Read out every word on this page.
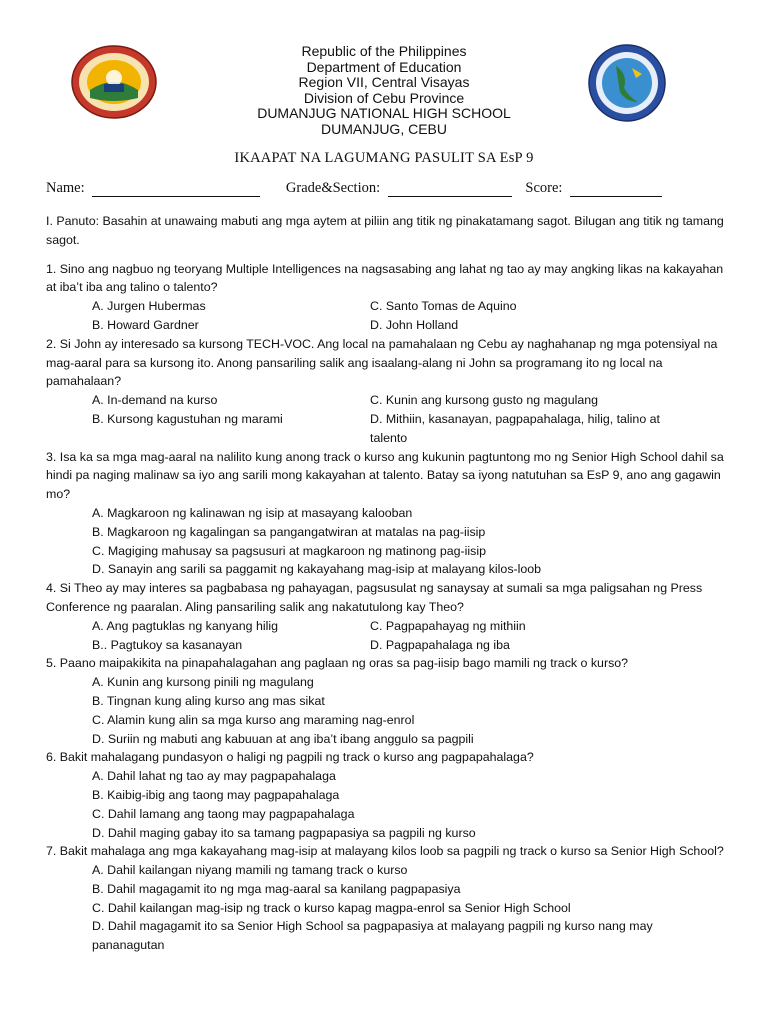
Republic of the Philippines
Department of Education
Region VII, Central Visayas
Division of Cebu Province
DUMANJUG NATIONAL HIGH SCHOOL
DUMANJUG, CEBU
IKAAPAT NA LAGUMANG PASULIT SA EsP 9
Name:	Grade&Section:	Score:

I. Panuto: Basahin at unawaing mabuti ang mga aytem at piliin ang titik ng pinakatamang sagot. Bilugan ang titik ng tamang sagot.

1. Sino ang nagbuo ng teoryang Multiple Intelligences na nagsasabing ang lahat ng tao ay may angking likas na kakayahan at iba’t iba ang talino o talento?

A. Jurgen Hubermas	C. Santo Tomas de Aquino
B. Howard Gardner	D. John Holland

2. Si John ay interesado sa kursong TECH-VOC. Ang local na pamahalaan ng Cebu ay naghahanap ng mga potensiyal na mag-aaral para sa kursong ito. Anong pansariling salik ang isaalang-alang ni John sa programang ito ng local na pamahalaan?

A. In-demand na kurso	C. Kunin ang kursong gusto ng magulang
B. Kursong kagustuhan ng marami	D. Mithiin, kasanayan, pagpapahalaga, hilig, talino at talento

3. Isa ka sa mga mag-aaral na nalilito kung anong track o kurso ang kukunin pagtuntong mo ng Senior High School dahil sa hindi pa naging malinaw sa iyo ang sarili mong kakayahan at talento. Batay sa iyong natutuhan sa EsP 9, ano ang gagawin mo?

A. Magkaroon ng kalinawan ng isip at masayang kalooban
B. Magkaroon ng kagalingan sa pangangatwiran at matalas na pag-iisip
C. Magiging mahusay sa pagsusuri at magkaroon ng matinong pag-iisip
D. Sanayin ang sarili sa paggamit ng kakayahang mag-isip at malayang kilos-loob

4. Si Theo ay may interes sa pagbabasa ng pahayagan, pagsusulat ng sanaysay at sumali sa mga paligsahan ng Press Conference ng paaralan. Aling pansariling salik ang nakatutulong kay Theo?

A. Ang pagtuklas ng kanyang hilig	C. Pagpapahayag ng mithiin
B.. Pagtukoy sa kasanayan	D. Pagpapahalaga ng iba

5. Paano maipakikita na pinapahalagahan ang paglaan ng oras sa pag-iisip bago mamili ng track o kurso?

A. Kunin ang kursong pinili ng magulang
B. Tingnan kung aling kurso ang mas sikat
C. Alamin kung alin sa mga kurso ang maraming nag-enrol
D. Suriin ng mabuti ang kabuuan at ang iba’t ibang anggulo sa pagpili

6. Bakit mahalagang pundasyon o haligi ng pagpili ng track o kurso ang pagpapahalaga?

A. Dahil lahat ng tao ay may pagpapahalaga
B. Kaibig-ibig ang taong may pagpapahalaga
C. Dahil lamang ang taong may pagpapahalaga
D. Dahil maging gabay ito sa tamang pagpapasiya sa pagpili ng kurso

7. Bakit mahalaga ang mga kakayahang mag-isip at malayang kilos loob sa pagpili ng track o kurso sa Senior High School?

A. Dahil kailangan niyang mamili ng tamang track o kurso
B. Dahil magagamit ito ng mga mag-aaral sa kanilang pagpapasiya
C. Dahil kailangan mag-isip ng track o kurso kapag magpa-enrol sa Senior High School
D. Dahil magagamit ito sa Senior High School sa pagpapasiya at malayang pagpili ng kurso nang may pananagutan
